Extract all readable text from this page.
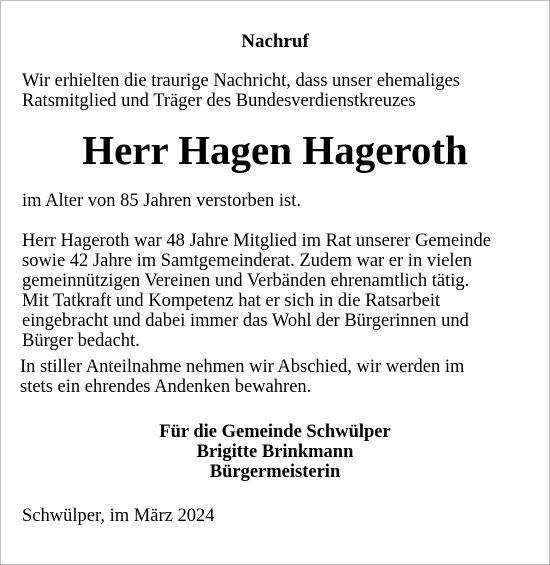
Nachruf

Wir erhielten die traurige Nachricht, dass unser ehemaliges
Ratsmitglied und Träger des Bundesverdienstkreuzes

Herr Hagen Hageroth

im Alter von 85 Jahren verstorben ist.

Herr Hageroth war 48 Jahre Mitglied im Rat unserer Gemeinde
sowie 42 Jahre im Samtgemeinderat. Zudem war er in vielen
gemeinnützigen Vereinen und Verbänden ehrenamtlich tätig.
Mit Tatkraft und Kompetenz hat er sich in die Ratsarbeit
eingebracht und dabei immer das Wohl der Bürgerinnen und
Bürger bedacht.
In stiller Anteilnahme nehmen wir Abschied, wir werden im
stets ein ehrendes Andenken bewahren.
Für die Gemeinde Schwülper
Brigitte Brinkmann
Bürgermeisterin

Schwülper, im März 2024
